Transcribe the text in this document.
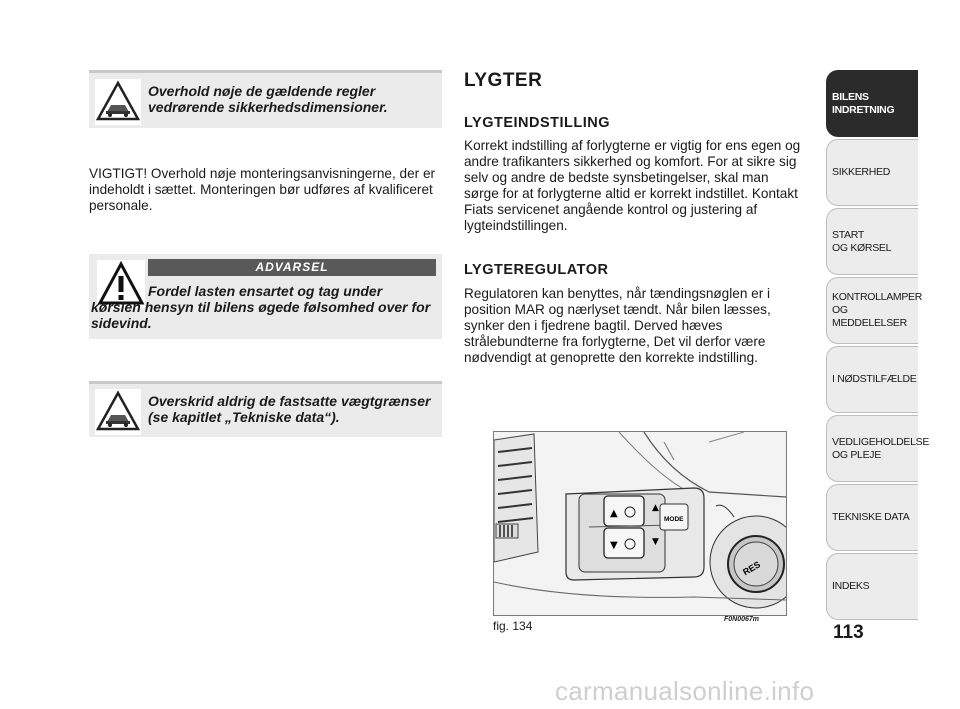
Overhold nøje de gældende regler vedrørende sikkerhedsdimensioner.
VIGTIGT! Overhold nøje monteringsanvisningerne, der er indeholdt i sættet. Monteringen bør udføres af kvalificeret personale.
Fordel lasten ensartet og tag under kørslen hensyn til bilens øgede følsomhed over for sidevind.
ADVARSEL
Overskrid aldrig de fastsatte vægtgrænser (se kapitlet „Tekniske data“).
LYGTER
LYGTEINDSTILLING
Korrekt indstilling af forlygterne er vigtig for ens egen og andre trafikanters sikkerhed og komfort. For at sikre sig selv og andre de bedste synsbetingelser, skal man sørge for at forlygterne altid er korrekt indstillet. Kontakt Fiats servicenet angående kontrol og justering af lygteindstillingen.
LYGTEREGULATOR
Regulatoren kan benyttes, når tændingsnøglen er i position MAR og nærlyset tændt. Når bilen læsses, synker den i fjedrene bagtil. Derved hæves strålebundterne fra forlygterne, Det vil derfor være nødvendigt at genoprette den korrekte indstilling.
▲	▲
▼	▼
MODE
RES
fig. 134	F0N0067m
BILENS
INDRETNING
SIKKERHED
START
OG KØRSEL
KONTROLLAMPER
OG MEDDELELSER
I NØDSTILFÆLDE
VEDLIGEHOLDELSE
OG PLEJE
TEKNISKE DATA
INDEKS
113
carmanualsonline.info
